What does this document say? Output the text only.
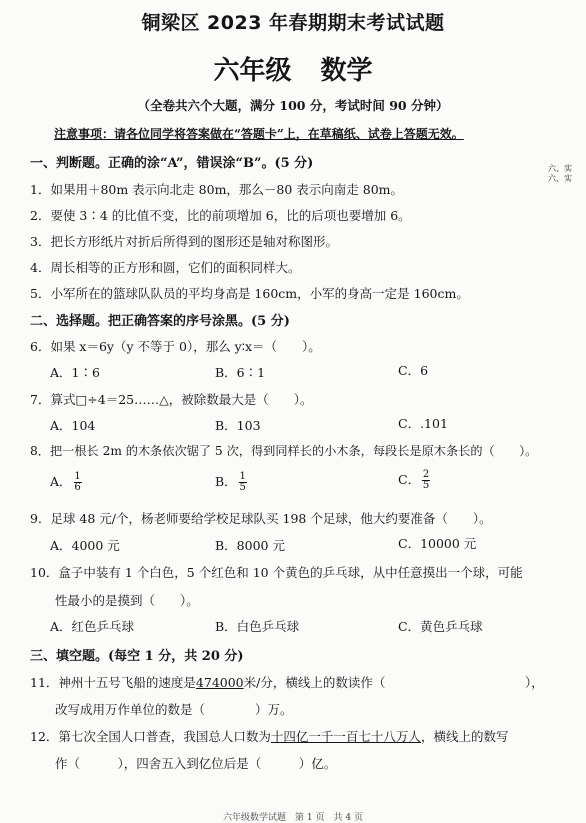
铜梁区 2023 年春期期末考试试题
六年级 数学
（全卷共六个大题，满分 100 分，考试时间 90 分钟）
注意事项：请各位同学将答案做在“答题卡”上，在草稿纸、试卷上答题无效。
六、实
六、实
一、判断题。正确的涂“A”，错误涂“B”。(5 分)
1．如果用＋80m 表示向北走 80m，那么－80 表示向南走 80m。
2．要使 3∶4 的比值不变，比的前项增加 6，比的后项也要增加 6。
3．把长方形纸片对折后所得到的图形还是轴对称图形。
4．周长相等的正方形和圆，它们的面积同样大。
5．小军所在的篮球队队员的平均身高是 160cm，小军的身高一定是 160cm。
二、选择题。把正确答案的序号涂黑。(5 分)
6．如果 x＝6y（y 不等于 0），那么 y∶x＝（　　）。
A．1∶6	B．6∶1	C．6
7．算式□÷4＝25……△，被除数最大是（　　）。
A．104	B．103	C．.101
8．把一根长 2m 的木条依次锯了 5 次，得到同样长的小木条，每段长是原木条长的（　　）。
A． $\frac{1}{6}$	B． $\frac{1}{5}$	C． $\frac{2}{5}$
9．足球 48 元/个，杨老师要给学校足球队买 198 个足球，他大约要准备（　　）。
A．4000 元	B．8000 元	C．10000 元
10．盒子中装有 1 个白色，5 个红色和 10 个黄色的乒乓球，从中任意摸出一个球，可能
性最小的是摸到（　　）。
A．红色乒乓球	B．白色乒乓球	C．黄色乒乓球
三、填空题。(每空 1 分，共 20 分)
11．神州十五号飞船的速度是474000米/分，横线上的数读作（	），
改写成用万作单位的数是（　　　　）万。
12．第七次全国人口普查，我国总人口数为十四亿一千一百七十八万人，横线上的数写
作（　　　），四舍五入到亿位后是（　　　）亿。
六年级数学试题　第 1 页　共 4 页
